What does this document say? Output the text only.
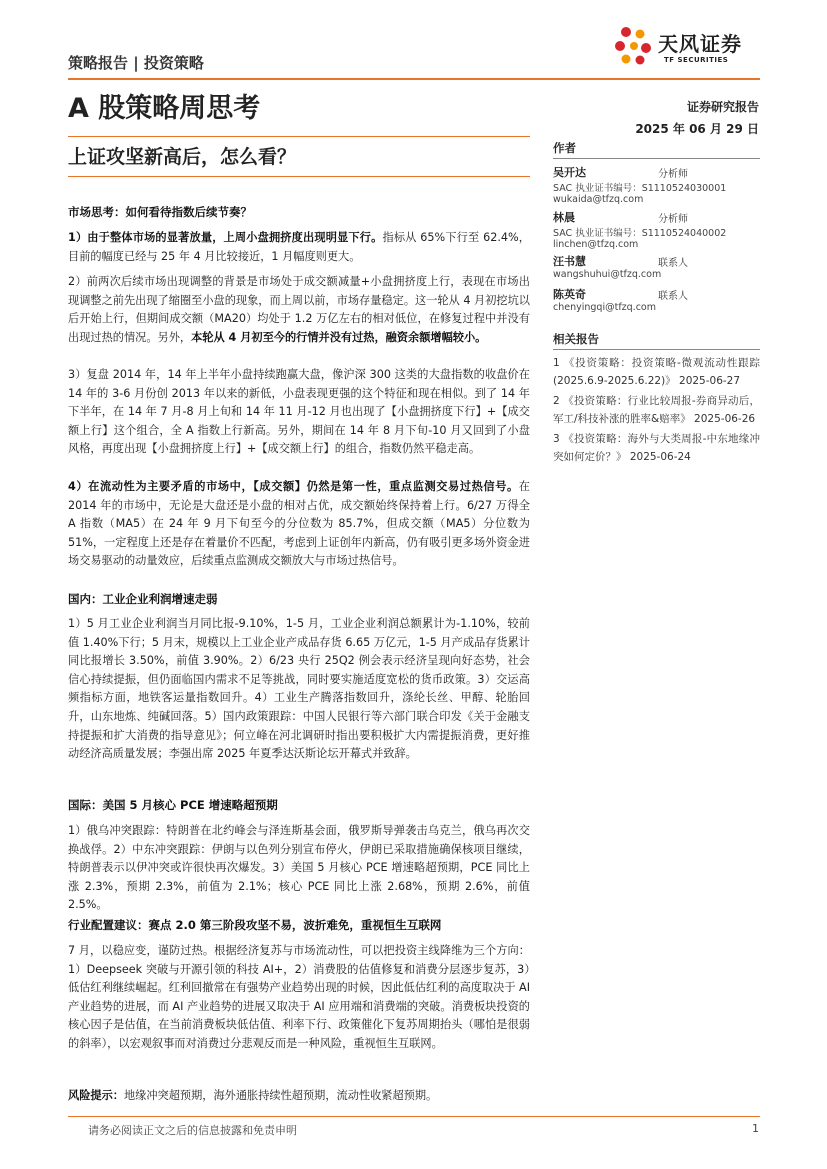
天风证券
TF SECURITIES
策略报告 | 投资策略
A 股策略周思考	证券研究报告
2025 年 06 月 29 日
上证攻坚新高后，怎么看？
市场思考：如何看待指数后续节奏？
1）由于整体市场的显著放量，上周小盘拥挤度出现明显下行。指标从 65%下行至 62.4%，目前的幅度已经与 25 年 4 月比较接近，1 月幅度则更大。
2）前两次后续市场出现调整的背景是市场处于成交额减量+小盘拥挤度上行，表现在市场出现调整之前先出现了缩圈至小盘的现象，而上周以前，市场存量稳定。这一轮从 4 月初挖坑以后开始上行，但期间成交额（MA20）均处于 1.2 万亿左右的相对低位，在修复过程中并没有出现过热的情况。另外，本轮从 4 月初至今的行情并没有过热，融资余额增幅较小。
3）复盘 2014 年，14 年上半年小盘持续跑赢大盘，像沪深 300 这类的大盘指数的收盘价在 14 年的 3-6 月份创 2013 年以来的新低，小盘表现更强的这个特征和现在相似。到了 14 年下半年，在 14 年 7 月-8 月上旬和 14 年 11 月-12 月也出现了【小盘拥挤度下行】+【成交额上行】这个组合，全 A 指数上行新高。另外，期间在 14 年 8 月下旬-10 月又回到了小盘风格，再度出现【小盘拥挤度上行】+【成交额上行】的组合，指数仍然平稳走高。
4）在流动性为主要矛盾的市场中，【成交额】仍然是第一性，重点监测交易过热信号。在 2014 年的市场中，无论是大盘还是小盘的相对占优，成交额始终保持着上行。6/27 万得全 A 指数（MA5）在 24 年 9 月下旬至今的分位数为 85.7%，但成交额（MA5）分位数为 51%，一定程度上还是存在着量价不匹配，考虑到上证创年内新高，仍有吸引更多场外资金进场交易驱动的动量效应，后续重点监测成交额放大与市场过热信号。
国内：工业企业利润增速走弱
1）5 月工业企业利润当月同比报-9.10%，1-5 月，工业企业利润总额累计为-1.10%，较前值 1.40%下行；5 月末，规模以上工业企业产成品存货 6.65 万亿元，1-5 月产成品存货累计同比报增长 3.50%，前值 3.90%。2）6/23 央行 25Q2 例会表示经济呈现向好态势，社会信心持续提振，但仍面临国内需求不足等挑战，同时要实施适度宽松的货币政策。3）交运高频指标方面，地铁客运量指数回升。4）工业生产腾落指数回升，涤纶长丝、甲醇、轮胎回升，山东地炼、纯碱回落。5）国内政策跟踪：中国人民银行等六部门联合印发《关于金融支持提振和扩大消费的指导意见》；何立峰在河北调研时指出要积极扩大内需提振消费，更好推动经济高质量发展；李强出席 2025 年夏季达沃斯论坛开幕式并致辞。
国际：美国 5 月核心 PCE 增速略超预期
1）俄乌冲突跟踪：特朗普在北约峰会与泽连斯基会面，俄罗斯导弹袭击乌克兰，俄乌再次交换战俘。2）中东冲突跟踪：伊朗与以色列分别宣布停火，伊朗已采取措施确保核项目继续，特朗普表示以伊冲突或许很快再次爆发。3）美国 5 月核心 PCE 增速略超预期，PCE 同比上涨 2.3%，预期 2.3%，前值为 2.1%；核心 PCE 同比上涨 2.68%，预期 2.6%，前值 2.5%。
行业配置建议：赛点 2.0 第三阶段攻坚不易，波折难免，重视恒生互联网
7 月，以稳应变，谨防过热。根据经济复苏与市场流动性，可以把投资主线降维为三个方向：1）Deepseek 突破与开源引领的科技 AI+，2）消费股的估值修复和消费分层逐步复苏，3）低估红利继续崛起。红利回撤常在有强势产业趋势出现的时候，因此低估红利的高度取决于 AI 产业趋势的进展，而 AI 产业趋势的进展又取决于 AI 应用端和消费端的突破。消费板块投资的核心因子是估值，在当前消费板块低估值、利率下行、政策催化下复苏周期抬头（哪怕是很弱的斜率），以宏观叙事而对消费过分悲观反而是一种风险，重视恒生互联网。
风险提示：地缘冲突超预期，海外通胀持续性超预期，流动性收紧超预期。
作者
吴开达	分析师
SAC 执业证书编号：S1110524030001
wukaida@tfzq.com
林晨	分析师
SAC 执业证书编号：S1110524040002
linchen@tfzq.com
汪书慧	联系人
wangshuhui@tfzq.com
陈英奇	联系人
chenyingqi@tfzq.com
相关报告
1 《投资策略：投资策略-微观流动性跟踪(2025.6.9-2025.6.22)》 2025-06-27
2 《投资策略：行业比较周报-券商异动后，军工/科技补涨的胜率&赔率》 2025-06-26
3 《投资策略：海外与大类周报-中东地缘冲突如何定价？》 2025-06-24
请务必阅读正文之后的信息披露和免责申明	1
